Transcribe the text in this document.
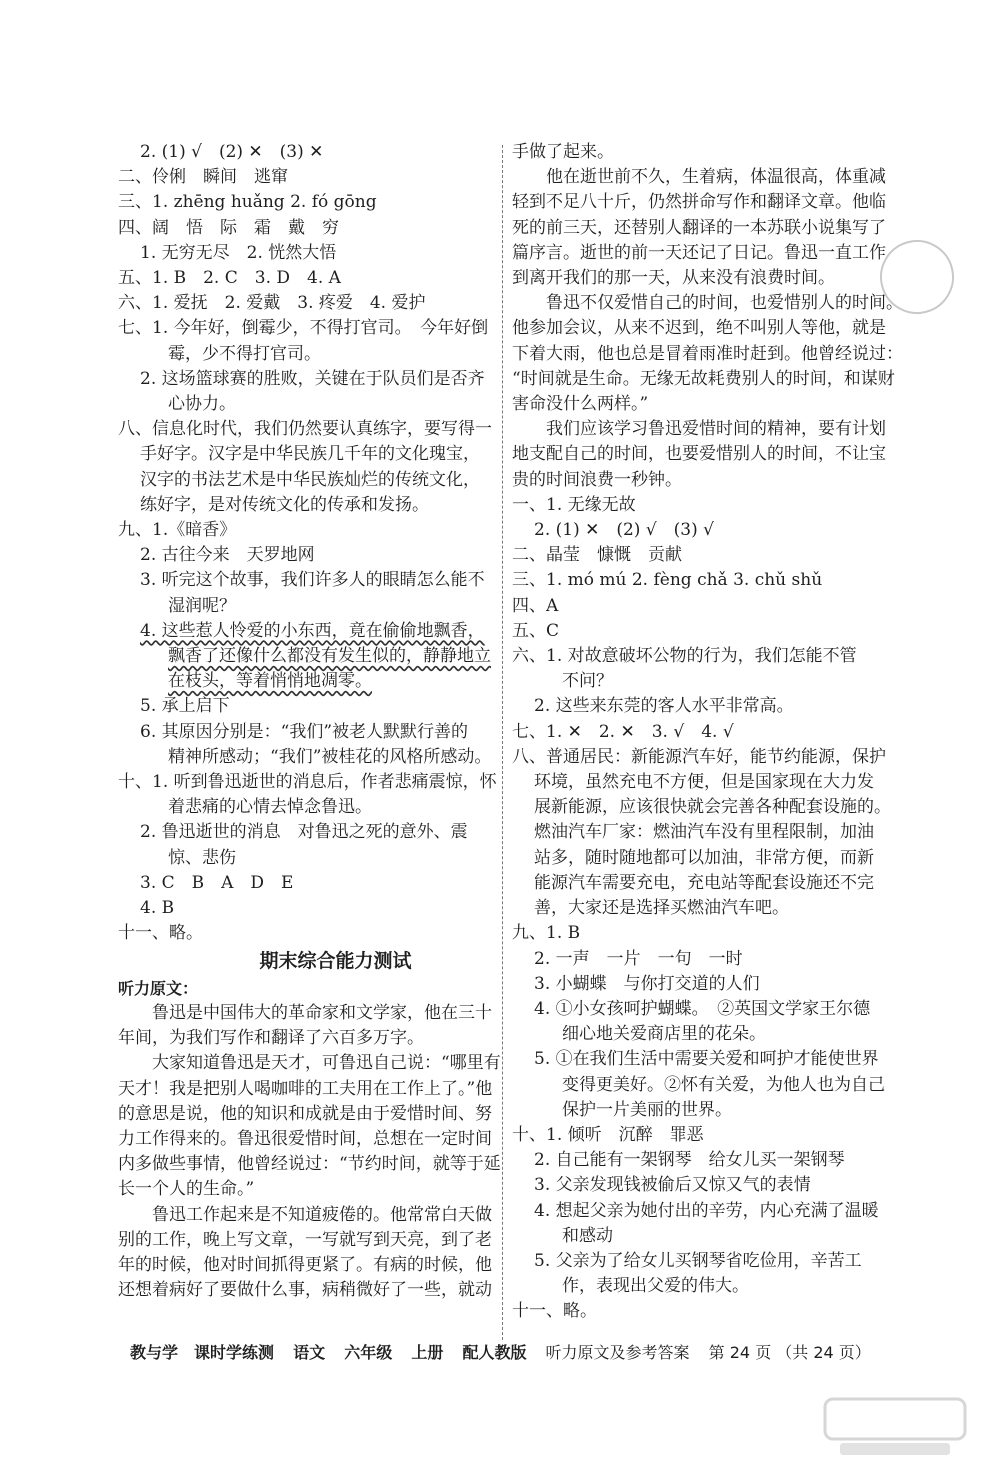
2. (1) √　(2) ✕　(3) ✕
二、伶俐　瞬间　逃窜
三、1. zhēng huǎng 2. fó gōng
四、阔　悟　际　霜　戴　穷
1. 无穷无尽　2. 恍然大悟
五、1. B　2. C　3. D　4. A
六、1. 爱抚　2. 爱戴　3. 疼爱　4. 爱护
七、1. 今年好，倒霉少，不得打官司。　今年好倒
霉，少不得打官司。
2. 这场篮球赛的胜败，关键在于队员们是否齐
心协力。
八、信息化时代，我们仍然要认真练字，要写得一
手好字。汉字是中华民族几千年的文化瑰宝，
汉字的书法艺术是中华民族灿烂的传统文化，
练好字，是对传统文化的传承和发扬。
九、1.《暗香》
2. 古往今来　天罗地网
3. 听完这个故事，我们许多人的眼睛怎么能不
湿润呢？
4. 这些惹人怜爱的小东西，竟在偷偷地飘香，
飘香了还像什么都没有发生似的，静静地立
在枝头，等着悄悄地凋零。
5. 承上启下
6. 其原因分别是：“我们”被老人默默行善的
精神所感动；“我们”被桂花的风格所感动。
十、1. 听到鲁迅逝世的消息后，作者悲痛震惊，怀
着悲痛的心情去悼念鲁迅。
2. 鲁迅逝世的消息　对鲁迅之死的意外、震
惊、悲伤
3. C　B　A　D　E
4. B
十一、略。
期末综合能力测试
听力原文：
鲁迅是中国伟大的革命家和文学家，他在三十
年间，为我们写作和翻译了六百多万字。
大家知道鲁迅是天才，可鲁迅自己说：“哪里有
天才！我是把别人喝咖啡的工夫用在工作上了。”他
的意思是说，他的知识和成就是由于爱惜时间、努
力工作得来的。鲁迅很爱惜时间，总想在一定时间
内多做些事情，他曾经说过：“节约时间，就等于延
长一个人的生命。”
鲁迅工作起来是不知道疲倦的。他常常白天做
别的工作，晚上写文章，一写就写到天亮，到了老
年的时候，他对时间抓得更紧了。有病的时候，他
还想着病好了要做什么事，病稍微好了一些，就动
手做了起来。
他在逝世前不久，生着病，体温很高，体重减
轻到不足八十斤，仍然拼命写作和翻译文章。他临
死的前三天，还替别人翻译的一本苏联小说集写了
篇序言。逝世的前一天还记了日记。鲁迅一直工作
到离开我们的那一天，从来没有浪费时间。
鲁迅不仅爱惜自己的时间，也爱惜别人的时间。
他参加会议，从来不迟到，绝不叫别人等他，就是
下着大雨，他也总是冒着雨准时赶到。他曾经说过：
“时间就是生命。无缘无故耗费别人的时间，和谋财
害命没什么两样。”
我们应该学习鲁迅爱惜时间的精神，要有计划
地支配自己的时间，也要爱惜别人的时间，不让宝
贵的时间浪费一秒钟。
一、1. 无缘无故
2. (1) ✕　(2) √　(3) √
二、晶莹　慷慨　贡献
三、1. mó mú 2. fèng chǎ 3. chǔ shǔ
四、A
五、C
六、1. 对故意破坏公物的行为，我们怎能不管
不问？
2. 这些来东莞的客人水平非常高。
七、1. ✕　2. ✕　3. √　4. √
八、普通居民：新能源汽车好，能节约能源，保护
环境，虽然充电不方便，但是国家现在大力发
展新能源，应该很快就会完善各种配套设施的。
燃油汽车厂家：燃油汽车没有里程限制，加油
站多，随时随地都可以加油，非常方便，而新
能源汽车需要充电，充电站等配套设施还不完
善，大家还是选择买燃油汽车吧。
九、1. B
2. 一声　一片　一句　一时
3. 小蝴蝶　与你打交道的人们
4. ①小女孩呵护蝴蝶。　②英国文学家王尔德
细心地关爱商店里的花朵。
5. ①在我们生活中需要关爱和呵护才能使世界
变得更美好。②怀有关爱，为他人也为自己
保护一片美丽的世界。
十、1. 倾听　沉醉　罪恶
2. 自己能有一架钢琴　给女儿买一架钢琴
3. 父亲发现钱被偷后又惊又气的表情
4. 想起父亲为她付出的辛劳，内心充满了温暖
和感动
5. 父亲为了给女儿买钢琴省吃俭用，辛苦工
作，表现出父爱的伟大。
十一、略。
教与学　课时学练测 语文 六年级 上册 配人教版 听力原文及参考答案 第 24 页 （共 24 页）
